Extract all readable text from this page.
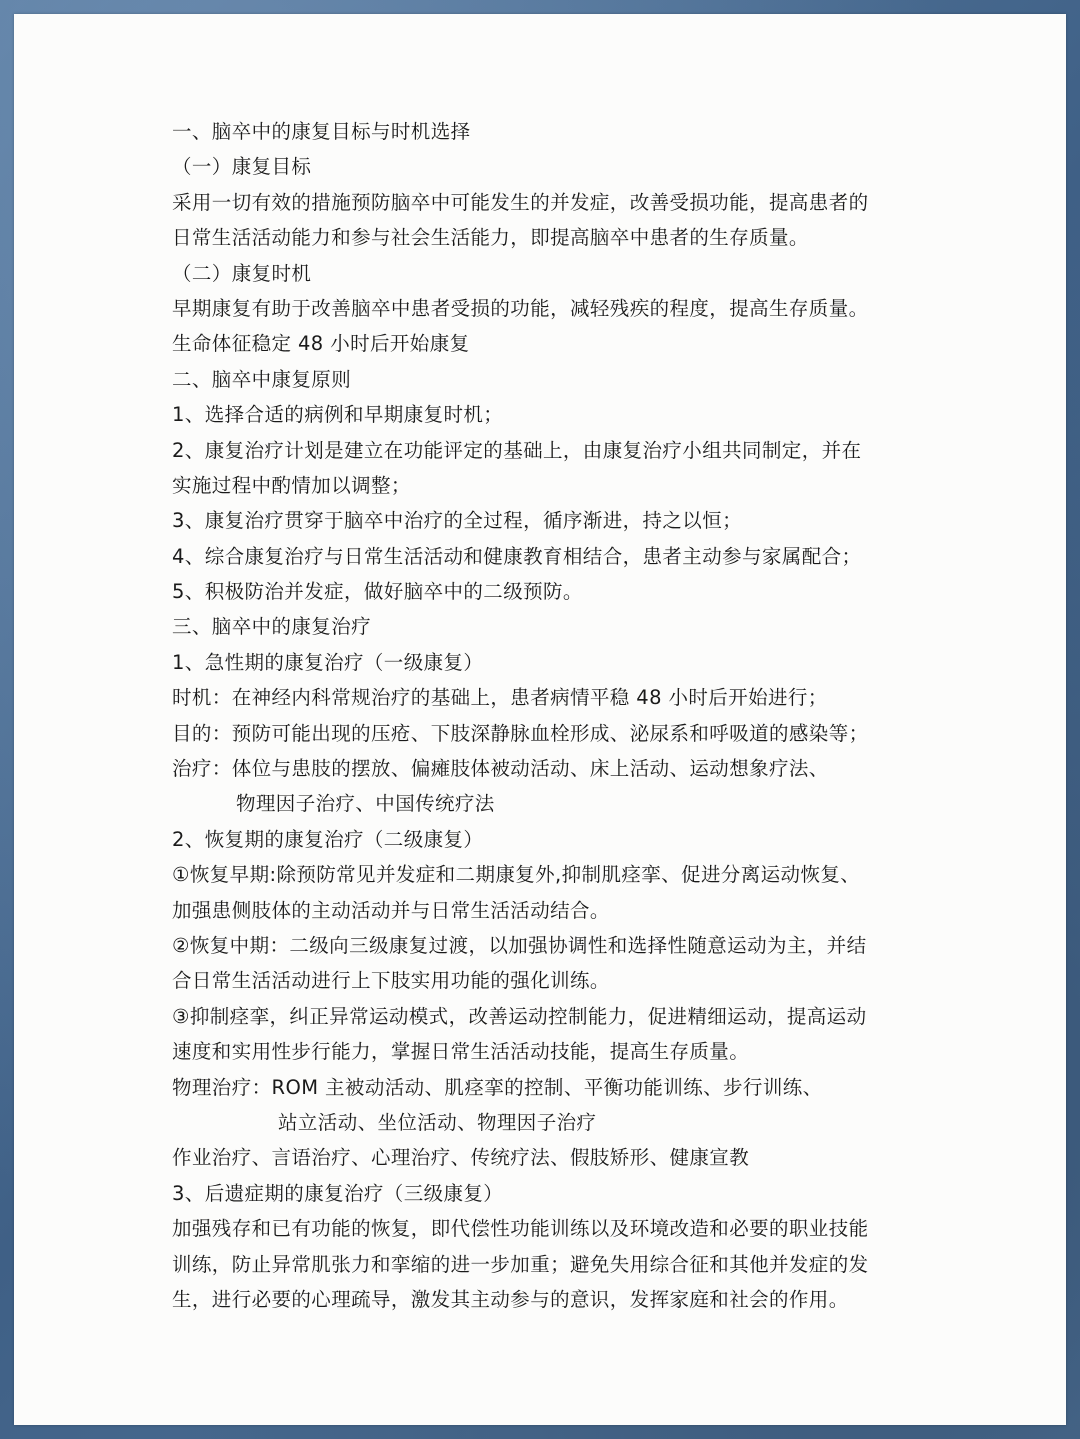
一、脑卒中的康复目标与时机选择
（一）康复目标
采用一切有效的措施预防脑卒中可能发生的并发症，改善受损功能，提高患者的
日常生活活动能力和参与社会生活能力，即提高脑卒中患者的生存质量。
（二）康复时机
早期康复有助于改善脑卒中患者受损的功能，减轻残疾的程度，提高生存质量。
生命体征稳定 48 小时后开始康复
二、脑卒中康复原则
1、选择合适的病例和早期康复时机；
2、康复治疗计划是建立在功能评定的基础上，由康复治疗小组共同制定，并在
实施过程中酌情加以调整；
3、康复治疗贯穿于脑卒中治疗的全过程，循序渐进，持之以恒；
4、综合康复治疗与日常生活活动和健康教育相结合，患者主动参与家属配合；
5、积极防治并发症，做好脑卒中的二级预防。
三、脑卒中的康复治疗
1、急性期的康复治疗（一级康复）
时机：在神经内科常规治疗的基础上，患者病情平稳 48 小时后开始进行；
目的：预防可能出现的压疮、下肢深静脉血栓形成、泌尿系和呼吸道的感染等；
治疗：体位与患肢的摆放、偏瘫肢体被动活动、床上活动、运动想象疗法、
物理因子治疗、中国传统疗法
2、恢复期的康复治疗（二级康复）
①恢复早期:除预防常见并发症和二期康复外,抑制肌痉挛、促进分离运动恢复、
加强患侧肢体的主动活动并与日常生活活动结合。
②恢复中期：二级向三级康复过渡，以加强协调性和选择性随意运动为主，并结
合日常生活活动进行上下肢实用功能的强化训练。
③抑制痉挛，纠正异常运动模式，改善运动控制能力，促进精细运动，提高运动
速度和实用性步行能力，掌握日常生活活动技能，提高生存质量。
物理治疗：ROM 主被动活动、肌痉挛的控制、平衡功能训练、步行训练、
站立活动、坐位活动、物理因子治疗
作业治疗、言语治疗、心理治疗、传统疗法、假肢矫形、健康宣教
3、后遗症期的康复治疗（三级康复）
加强残存和已有功能的恢复，即代偿性功能训练以及环境改造和必要的职业技能
训练，防止异常肌张力和挛缩的进一步加重；避免失用综合征和其他并发症的发
生，进行必要的心理疏导，激发其主动参与的意识，发挥家庭和社会的作用。
